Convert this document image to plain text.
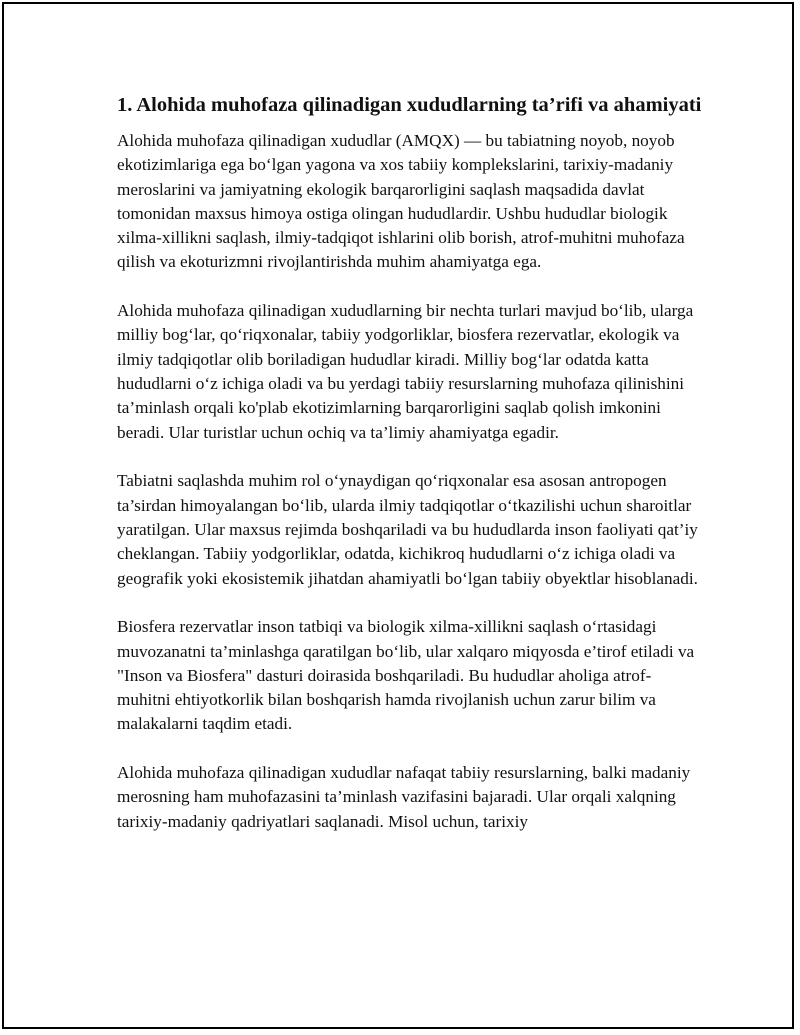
1. Alohida muhofaza qilinadigan xududlarning ta’rifi va ahamiyati

Alohida muhofaza qilinadigan xududlar (AMQX) — bu tabiatning noyob, noyob ekotizimlariga ega bo‘lgan yagona va xos tabiiy komplekslarini, tarixiy-madaniy meroslarini va jamiyatning ekologik barqarorligini saqlash maqsadida davlat tomonidan maxsus himoya ostiga olingan hududlardir. Ushbu hududlar biologik xilma-xillikni saqlash, ilmiy-tadqiqot ishlarini olib borish, atrof-muhitni muhofaza qilish va ekoturizmni rivojlantirishda muhim ahamiyatga ega.

Alohida muhofaza qilinadigan xududlarning bir nechta turlari mavjud bo‘lib, ularga milliy bog‘lar, qo‘riqxonalar, tabiiy yodgorliklar, biosfera rezervatlar, ekologik va ilmiy tadqiqotlar olib boriladigan hududlar kiradi. Milliy bog‘lar odatda katta hududlarni o‘z ichiga oladi va bu yerdagi tabiiy resurslarning muhofaza qilinishini ta’minlash orqali ko'plab ekotizimlarning barqarorligini saqlab qolish imkonini beradi. Ular turistlar uchun ochiq va ta’limiy ahamiyatga egadir.

Tabiatni saqlashda muhim rol o‘ynaydigan qo‘riqxonalar esa asosan antropogen ta’sirdan himoyalangan bo‘lib, ularda ilmiy tadqiqotlar o‘tkazilishi uchun sharoitlar yaratilgan. Ular maxsus rejimda boshqariladi va bu hududlarda inson faoliyati qat’iy cheklangan. Tabiiy yodgorliklar, odatda, kichikroq hududlarni o‘z ichiga oladi va geografik yoki ekosistemik jihatdan ahamiyatli bo‘lgan tabiiy obyektlar hisoblanadi.

Biosfera rezervatlar inson tatbiqi va biologik xilma-xillikni saqlash o‘rtasidagi muvozanatni ta’minlashga qaratilgan bo‘lib, ular xalqaro miqyosda e’tirof etiladi va "Inson va Biosfera" dasturi doirasida boshqariladi. Bu hududlar aholiga atrof-muhitni ehtiyotkorlik bilan boshqarish hamda rivojlanish uchun zarur bilim va malakalarni taqdim etadi.

Alohida muhofaza qilinadigan xududlar nafaqat tabiiy resurslarning, balki madaniy merosning ham muhofazasini ta’minlash vazifasini bajaradi. Ular orqali xalqning tarixiy-madaniy qadriyatlari saqlanadi. Misol uchun, tarixiy
